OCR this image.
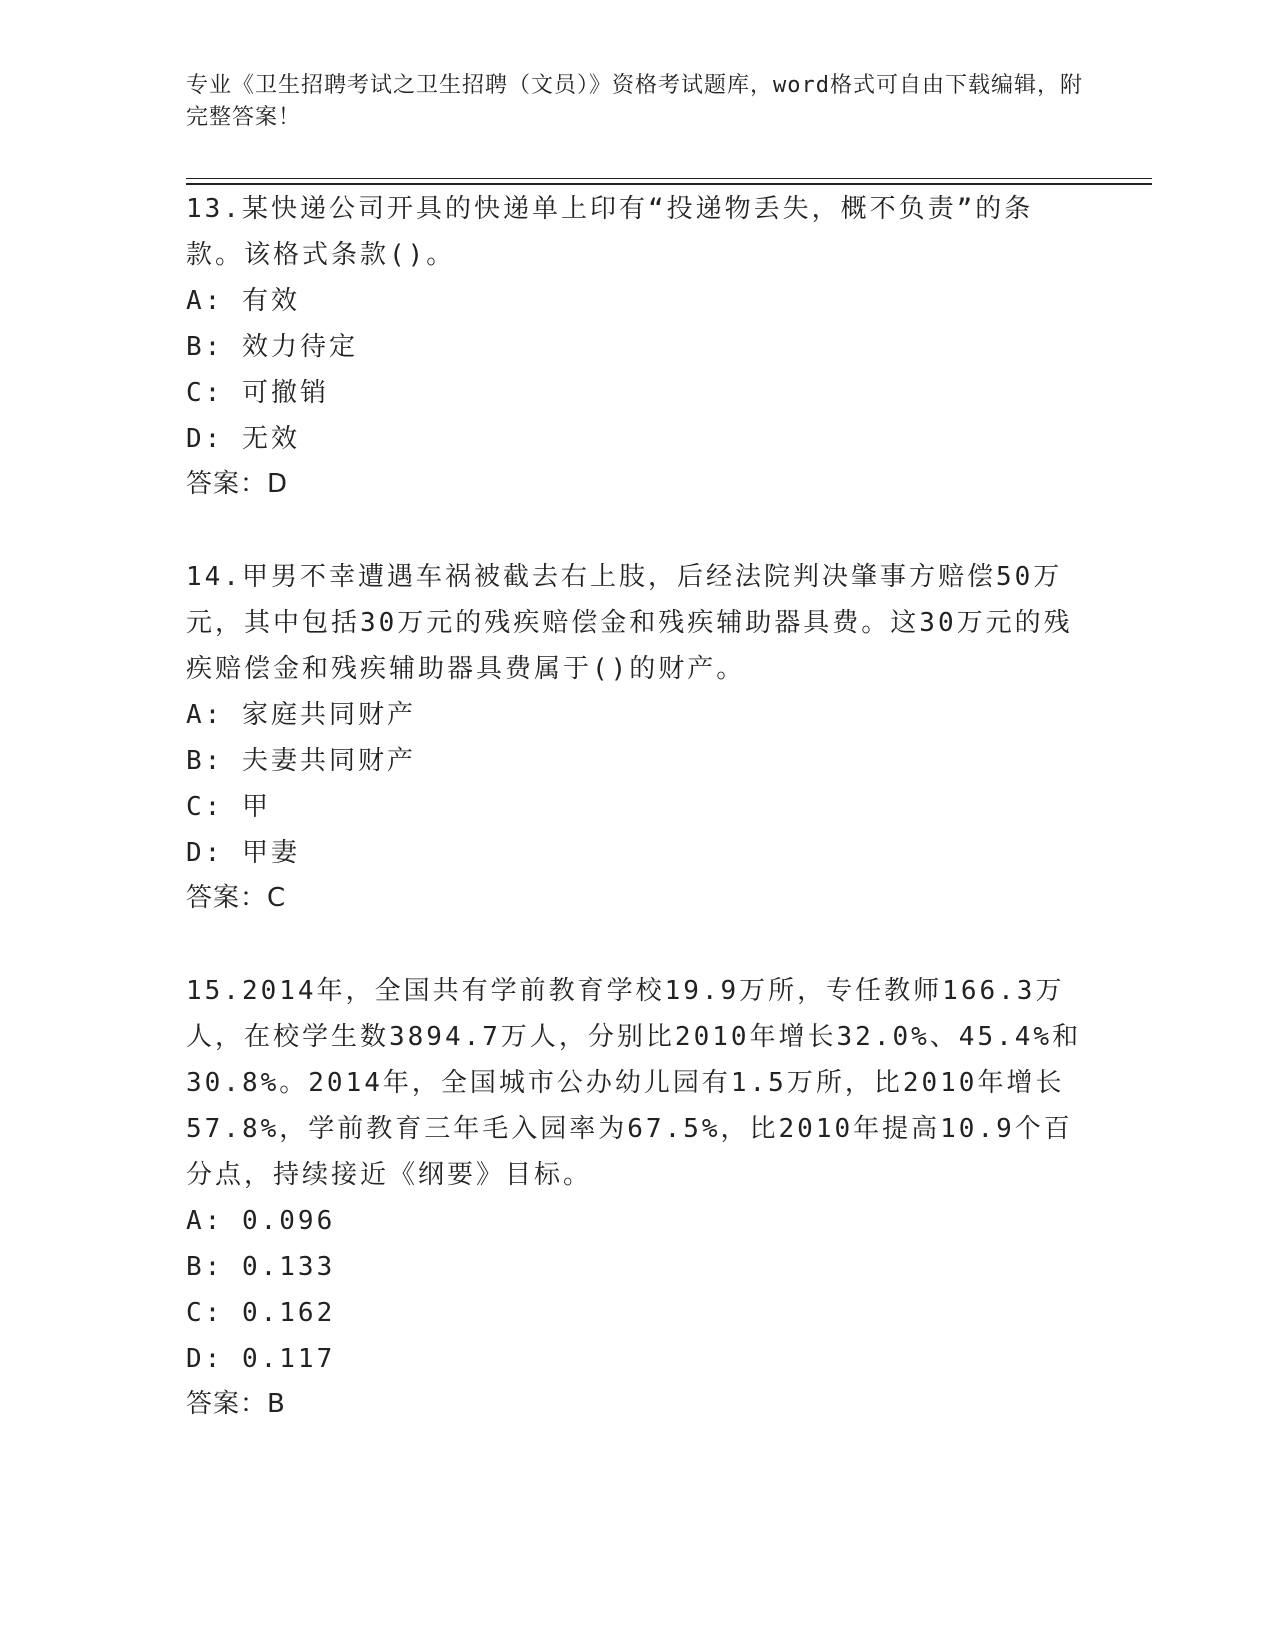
专业《卫生招聘考试之卫生招聘（文员）》资格考试题库，word格式可自由下载编辑，附完整答案！
13.某快递公司开具的快递单上印有“投递物丢失，概不负责”的条款。该格式条款()。
A: 有效
B: 效力待定
C: 可撤销
D: 无效
答案：D
14.甲男不幸遭遇车祸被截去右上肢，后经法院判决肇事方赔偿50万元，其中包括30万元的残疾赔偿金和残疾辅助器具费。这30万元的残疾赔偿金和残疾辅助器具费属于()的财产。
A: 家庭共同财产
B: 夫妻共同财产
C: 甲
D: 甲妻
答案：C
15.2014年，全国共有学前教育学校19.9万所，专任教师166.3万人，在校学生数3894.7万人，分别比2010年增长32.0%、45.4%和30.8%。2014年，全国城市公办幼儿园有1.5万所，比2010年增长57.8%，学前教育三年毛入园率为67.5%，比2010年提高10.9个百分点，持续接近《纲要》目标。
A: 0.096
B: 0.133
C: 0.162
D: 0.117
答案：B
